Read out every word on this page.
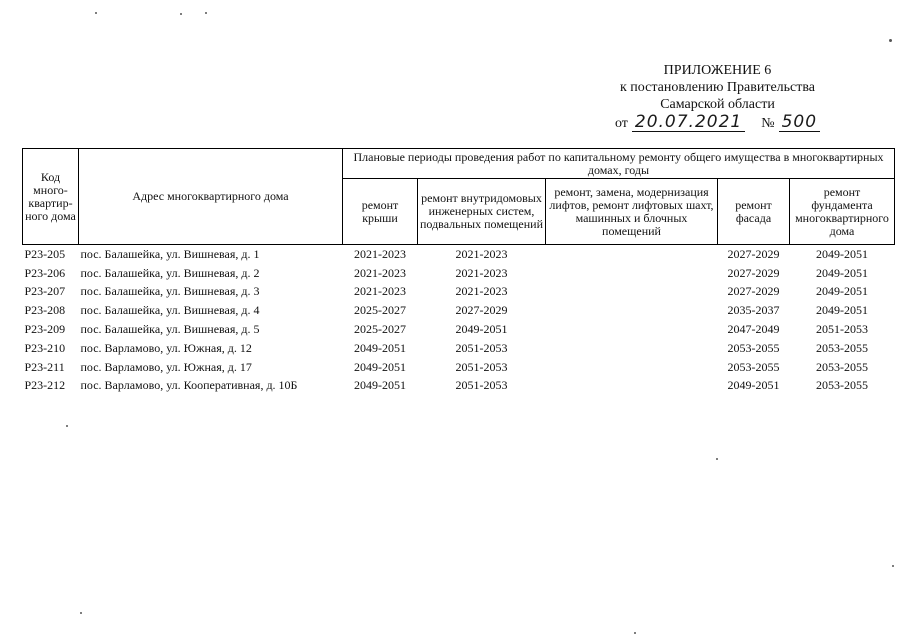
ПРИЛОЖЕНИЕ 6
к постановлению Правительства
Самарской области
от 20.07.2021 № 500
Код много-квартир-ного дома	Адрес многоквартирного дома	Плановые периоды проведения работ по капитальному ремонту общего имущества в многоквартирных домах, годы				
		ремонт крыши	ремонт внутридомовых инженерных систем, подвальных помещений	ремонт, замена, модернизация лифтов, ремонт лифтовых шахт, машинных и блочных помещений	ремонт фасада	ремонт фундамента многоквартирного дома
Р23-205	пос. Балашейка, ул. Вишневая, д. 1	2021-2023	2021-2023		2027-2029	2049-2051
Р23-206	пос. Балашейка, ул. Вишневая, д. 2	2021-2023	2021-2023		2027-2029	2049-2051
Р23-207	пос. Балашейка, ул. Вишневая, д. 3	2021-2023	2021-2023		2027-2029	2049-2051
Р23-208	пос. Балашейка, ул. Вишневая, д. 4	2025-2027	2027-2029		2035-2037	2049-2051
Р23-209	пос. Балашейка, ул. Вишневая, д. 5	2025-2027	2049-2051		2047-2049	2051-2053
Р23-210	пос. Варламово, ул. Южная, д. 12	2049-2051	2051-2053		2053-2055	2053-2055
Р23-211	пос. Варламово, ул. Южная, д. 17	2049-2051	2051-2053		2053-2055	2053-2055
Р23-212	пос. Варламово, ул. Кооперативная, д. 10Б	2049-2051	2051-2053		2049-2051	2053-2055
